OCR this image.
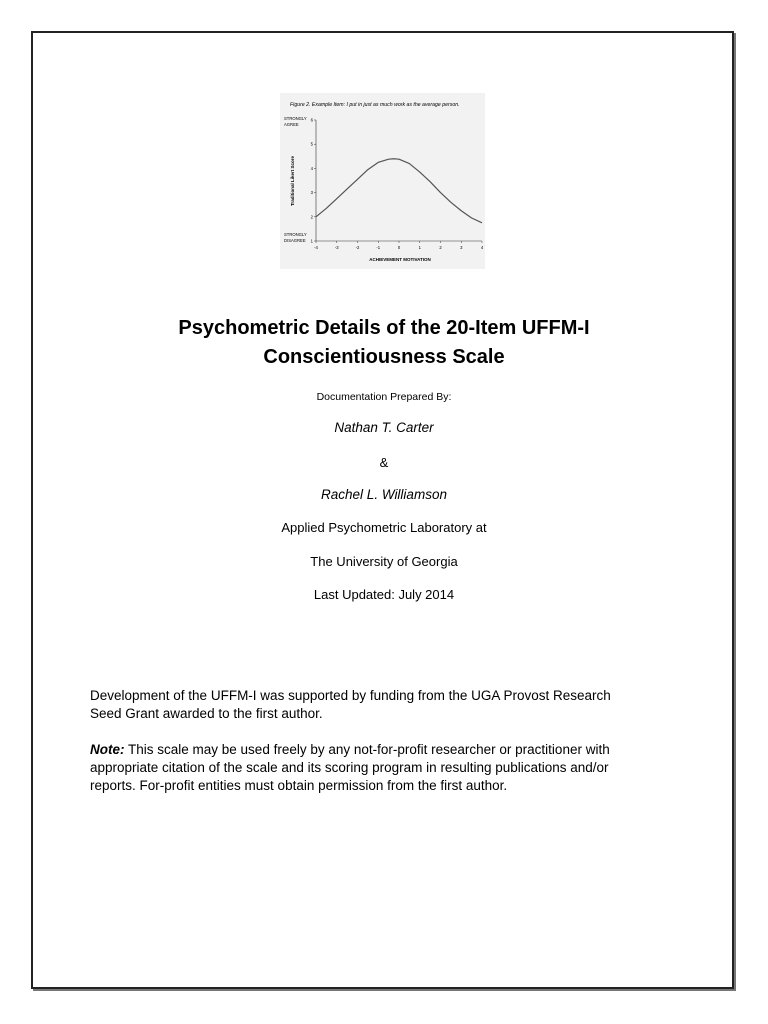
Figure 2. Example Item: I put in just as much work as the average person.
STRONGLY AGREE
STRONGLY DISAGREE
Traditional Likert Score
ACHIEVEMENT MOTIVATION
-4	-3	-2	-1	0	1	2	3	4
1
2
3
4
5
6
Psychometric Details of the 20-Item UFFM-I
Conscientiousness Scale
Documentation Prepared By:
Nathan T. Carter
&
Rachel L. Williamson
Applied Psychometric Laboratory at
The University of Georgia
Last Updated: July 2014
Development of the UFFM-I was supported by funding from the UGA Provost Research
Seed Grant awarded to the first author.
Note: This scale may be used freely by any not-for-profit researcher or practitioner with
appropriate citation of the scale and its scoring program in resulting publications and/or
reports. For-profit entities must obtain permission from the first author.
